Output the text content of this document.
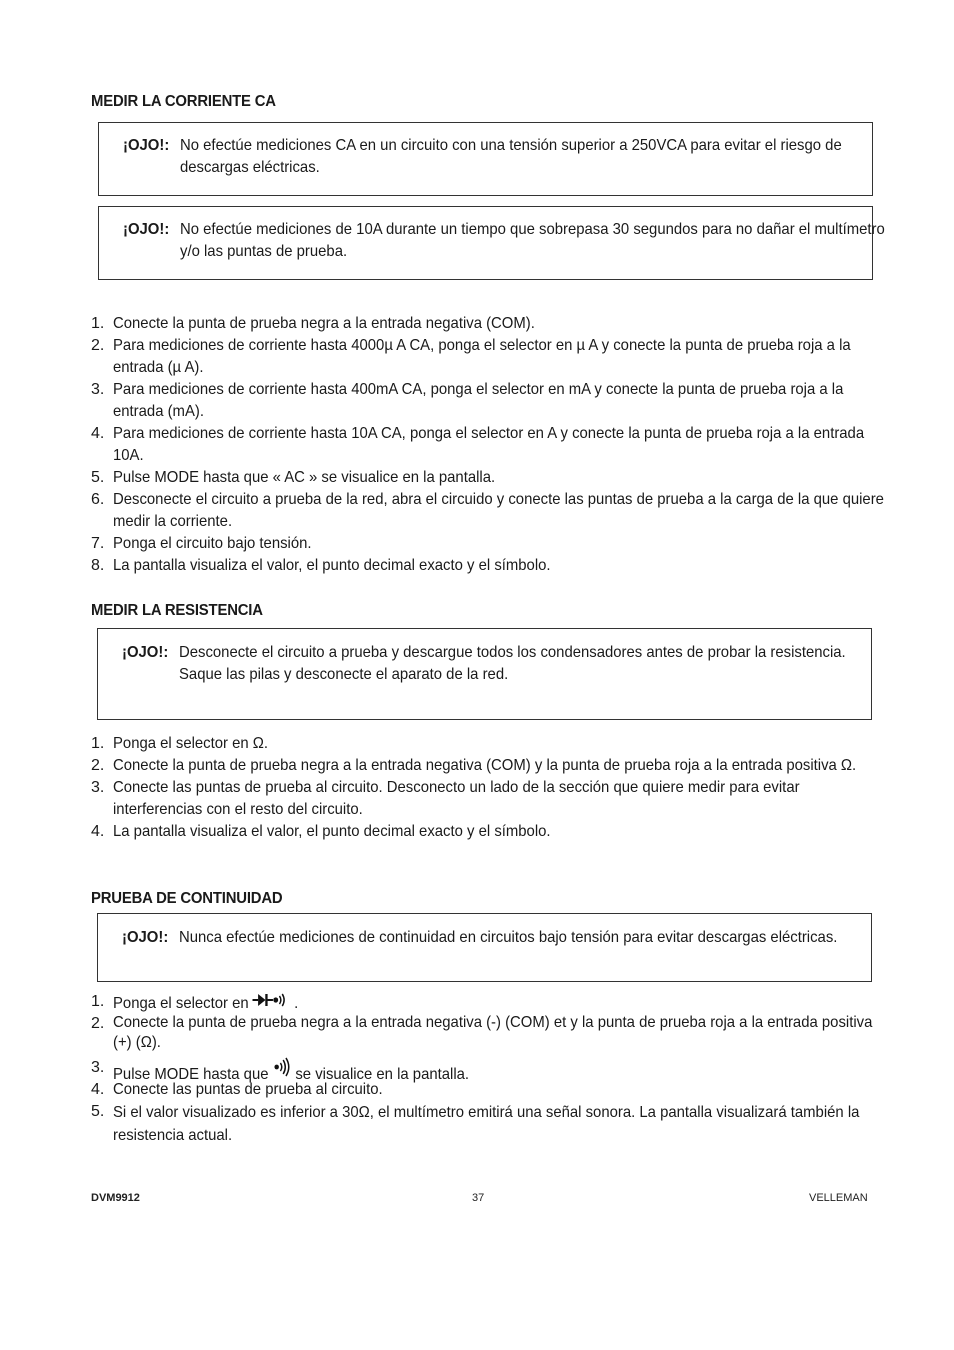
MEDIR LA CORRIENTE CA
¡OJO!: No efectúe mediciones CA en un circuito con una tensión superior a 250VCA para evitar el riesgo de descargas eléctricas.
¡OJO!: No efectúe mediciones de 10A durante un tiempo que sobrepasa 30 segundos para no dañar el multímetro y/o las puntas de prueba.
1. Conecte la punta de prueba negra a la entrada negativa (COM).
2. Para mediciones de corriente hasta 4000µ A CA, ponga el selector en µ A y conecte la punta de prueba roja a la entrada (µ A).
3. Para mediciones de corriente hasta 400mA CA, ponga el selector en mA y conecte la punta de prueba roja a la entrada (mA).
4. Para mediciones de corriente hasta 10A CA, ponga el selector en A y conecte la punta de prueba roja a la entrada 10A.
5. Pulse MODE hasta que « AC » se visualice en la pantalla.
6. Desconecte el circuito a prueba de la red, abra el circuido y conecte las puntas de prueba a la carga de la que quiere medir la corriente.
7. Ponga el circuito bajo tensión.
8. La pantalla visualiza el valor, el punto decimal exacto y el símbolo.
MEDIR LA RESISTENCIA
¡OJO!: Desconecte el circuito a prueba y descargue todos los condensadores antes de probar la resistencia. Saque las pilas y desconecte el aparato de la red.
1. Ponga el selector en Ω.
2. Conecte la punta de prueba negra a la entrada negativa (COM) y la punta de prueba roja a la entrada positiva Ω.
3. Conecte las puntas de prueba al circuito. Desconecto un lado de la sección que quiere medir para evitar interferencias con el resto del circuito.
4. La pantalla visualiza el valor, el punto decimal exacto y el símbolo.
PRUEBA DE CONTINUIDAD
¡OJO!: Nunca efectúe mediciones de continuidad en circuitos bajo tensión para evitar descargas eléctricas.
1. Ponga el selector en  .
2. Conecte la punta de prueba negra a la entrada negativa (-) (COM) et y la punta de prueba roja a la entrada positiva (+) (Ω).
3. Pulse MODE hasta que  se visualice en la pantalla.
4. Conecte las puntas de prueba al circuito.
5. Si el valor visualizado es inferior a 30Ω, el multímetro emitirá una señal sonora. La pantalla visualizará también la resistencia actual.
DVM9912	37	VELLEMAN
